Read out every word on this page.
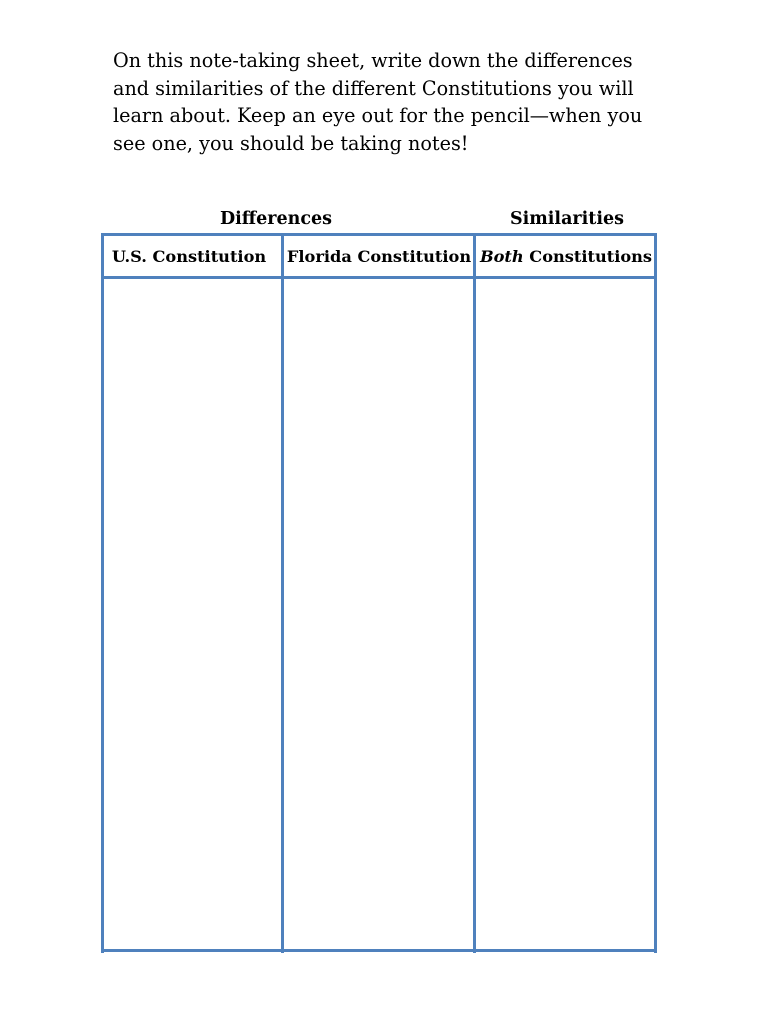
On this note-taking sheet, write down the differences
and similarities of the different Constitutions you will
learn about. Keep an eye out for the pencil—when you
see one, you should be taking notes!
Differences	Similarities
U.S. Constitution Florida Constitution Both Constitutions
